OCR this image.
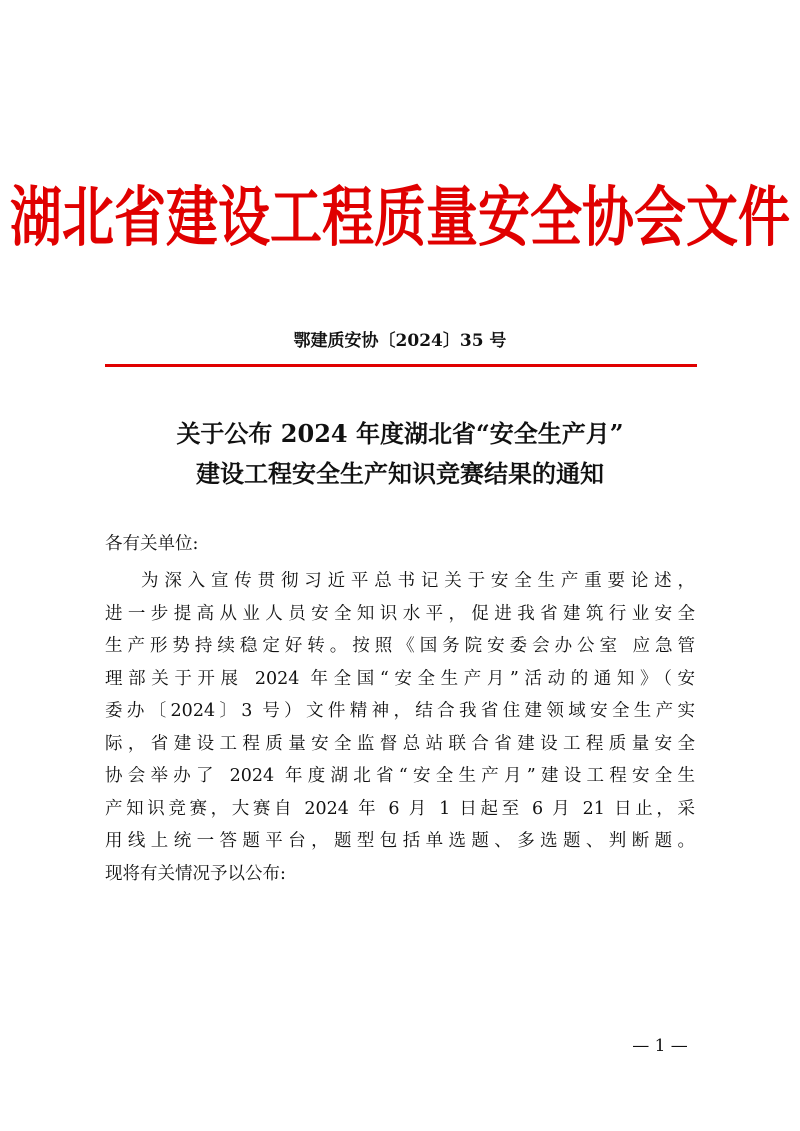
湖北省建设工程质量安全协会文件
鄂建质安协〔2024〕35 号
关于公布 2024 年度湖北省“安全生产月”
建设工程安全生产知识竞赛结果的通知
各有关单位:
为深入宣传贯彻习近平总书记关于安全生产重要论述，
进一步提高从业人员安全知识水平，促进我省建筑行业安全
生产形势持续稳定好转。按照《国务院安委会办公室 应急管
理部关于开展 2024 年全国“安全生产月”活动的通知》（安
委办〔2024〕3 号）文件精神，结合我省住建领域安全生产实
际，省建设工程质量安全监督总站联合省建设工程质量安全
协会举办了 2024 年度湖北省“安全生产月”建设工程安全生
产知识竞赛，大赛自 2024 年 6 月 1 日起至 6 月 21 日止，采
用线上统一答题平台，题型包括单选题、多选题、判断题。
现将有关情况予以公布:
— 1 —
